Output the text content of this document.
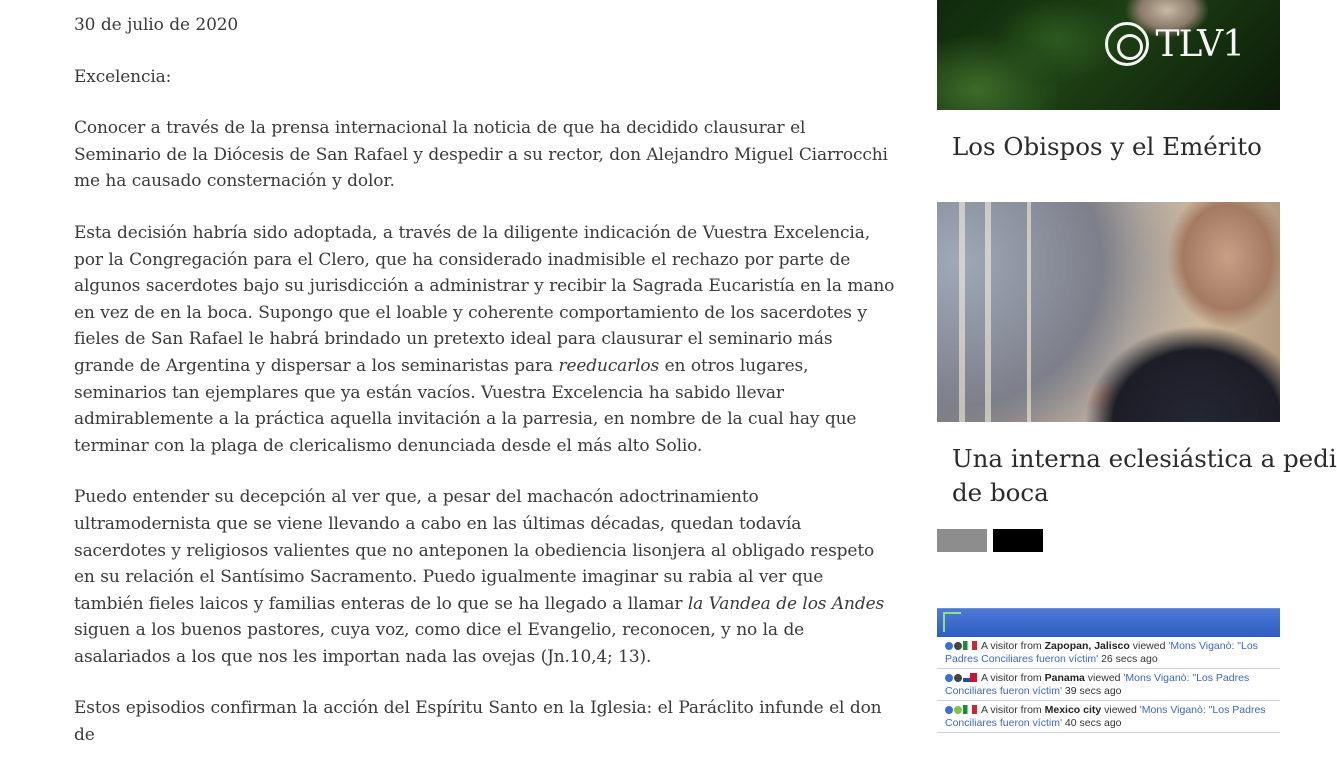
30 de julio de 2020

Excelencia:

Conocer a través de la prensa internacional la noticia de que ha decidido clausurar el Seminario de la Diócesis de San Rafael y despedir a su rector, don Alejandro Miguel Ciarrocchi me ha causado consternación y dolor.

Esta decisión habría sido adoptada, a través de la diligente indicación de Vuestra Excelencia, por la Congregación para el Clero, que ha considerado inadmisible el rechazo por parte de algunos sacerdotes bajo su jurisdicción a administrar y recibir la Sagrada Eucaristía en la mano en vez de en la boca. Supongo que el loable y coherente comportamiento de los sacerdotes y fieles de San Rafael le habrá brindado un pretexto ideal para clausurar el seminario más grande de Argentina y dispersar a los seminaristas para reeducarlos en otros lugares, seminarios tan ejemplares que ya están vacíos. Vuestra Excelencia ha sabido llevar admirablemente a la práctica aquella invitación a la parresia, en nombre de la cual hay que terminar con la plaga de clericalismo denunciada desde el más alto Solio.

Puedo entender su decepción al ver que, a pesar del machacón adoctrinamiento ultramodernista que se viene llevando a cabo en las últimas décadas, quedan todavía sacerdotes y religiosos valientes que no anteponen la obediencia lisonjera al obligado respeto en su relación el Santísimo Sacramento. Puedo igualmente imaginar su rabia al ver que también fieles laicos y familias enteras de lo que se ha llegado a llamar la Vandea de los Andes siguen a los buenos pastores, cuya voz, como dice el Evangelio, reconocen, y no la de asalariados a los que nos les importan nada las ovejas (Jn.10,4; 13).

Estos episodios confirman la acción del Espíritu Santo en la Iglesia: el Paráclito infunde el don de

TLV1
Los Obispos y el Emérito
Una interna eclesiástica a pedi
de boca
A visitor from Zapopan, Jalisco viewed 'Mons Viganò: "Los Padres Conciliares fueron víctim' 26 secs ago
A visitor from Panama viewed 'Mons Viganò: "Los Padres Conciliares fueron víctim' 39 secs ago
A visitor from Mexico city viewed 'Mons Viganò: "Los Padres Conciliares fueron víctim' 40 secs ago
